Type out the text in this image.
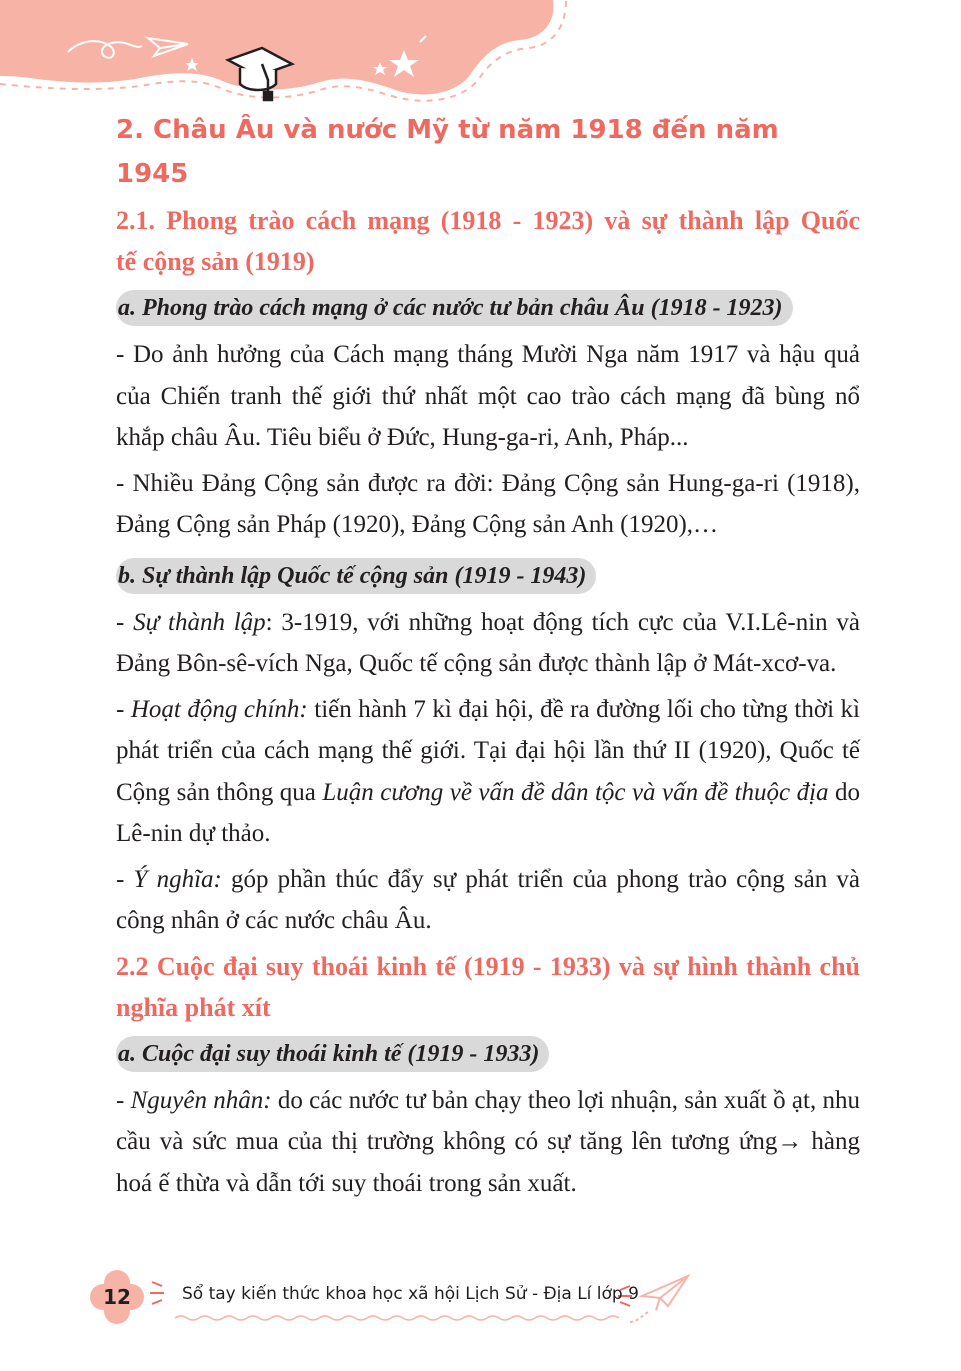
2. Châu Âu và nước Mỹ từ năm 1918 đến năm 1945
2.1. Phong trào cách mạng (1918 - 1923) và sự thành lập Quốc
tế cộng sản (1919)
a. Phong trào cách mạng ở các nước tư bản châu Âu (1918 - 1923)

- Do ảnh hưởng của Cách mạng tháng Mười Nga năm 1917 và hậu quả của Chiến tranh thế giới thứ nhất một cao trào cách mạng đã bùng nổ khắp châu Âu. Tiêu biểu ở Đức, Hung-ga-ri, Anh, Pháp...

- Nhiều Đảng Cộng sản được ra đời: Đảng Cộng sản Hung-ga-ri (1918), Đảng Cộng sản Pháp (1920), Đảng Cộng sản Anh (1920),…

b. Sự thành lập Quốc tế cộng sản (1919 - 1943)

- Sự thành lập: 3-1919, với những hoạt động tích cực của V.I.Lê-nin và Đảng Bôn-sê-vích Nga, Quốc tế cộng sản được thành lập ở Mát-xcơ-va.

- Hoạt động chính: tiến hành 7 kì đại hội, đề ra đường lối cho từng thời kì phát triển của cách mạng thế giới. Tại đại hội lần thứ II (1920), Quốc tế Cộng sản thông qua Luận cương về vấn đề dân tộc và vấn đề thuộc địa do Lê-nin dự thảo.

- Ý nghĩa: góp phần thúc đẩy sự phát triển của phong trào cộng sản và công nhân ở các nước châu Âu.

2.2 Cuộc đại suy thoái kinh tế (1919 - 1933) và sự hình thành chủ nghĩa phát xít
a. Cuộc đại suy thoái kinh tế (1919 - 1933)

- Nguyên nhân: do các nước tư bản chạy theo lợi nhuận, sản xuất ồ ạt, nhu cầu và sức mua của thị trường không có sự tăng lên tương ứng→ hàng hoá ế thừa và dẫn tới suy thoái trong sản xuất.

12	Sổ tay kiến thức khoa học xã hội Lịch Sử - Địa Lí lớp 9
